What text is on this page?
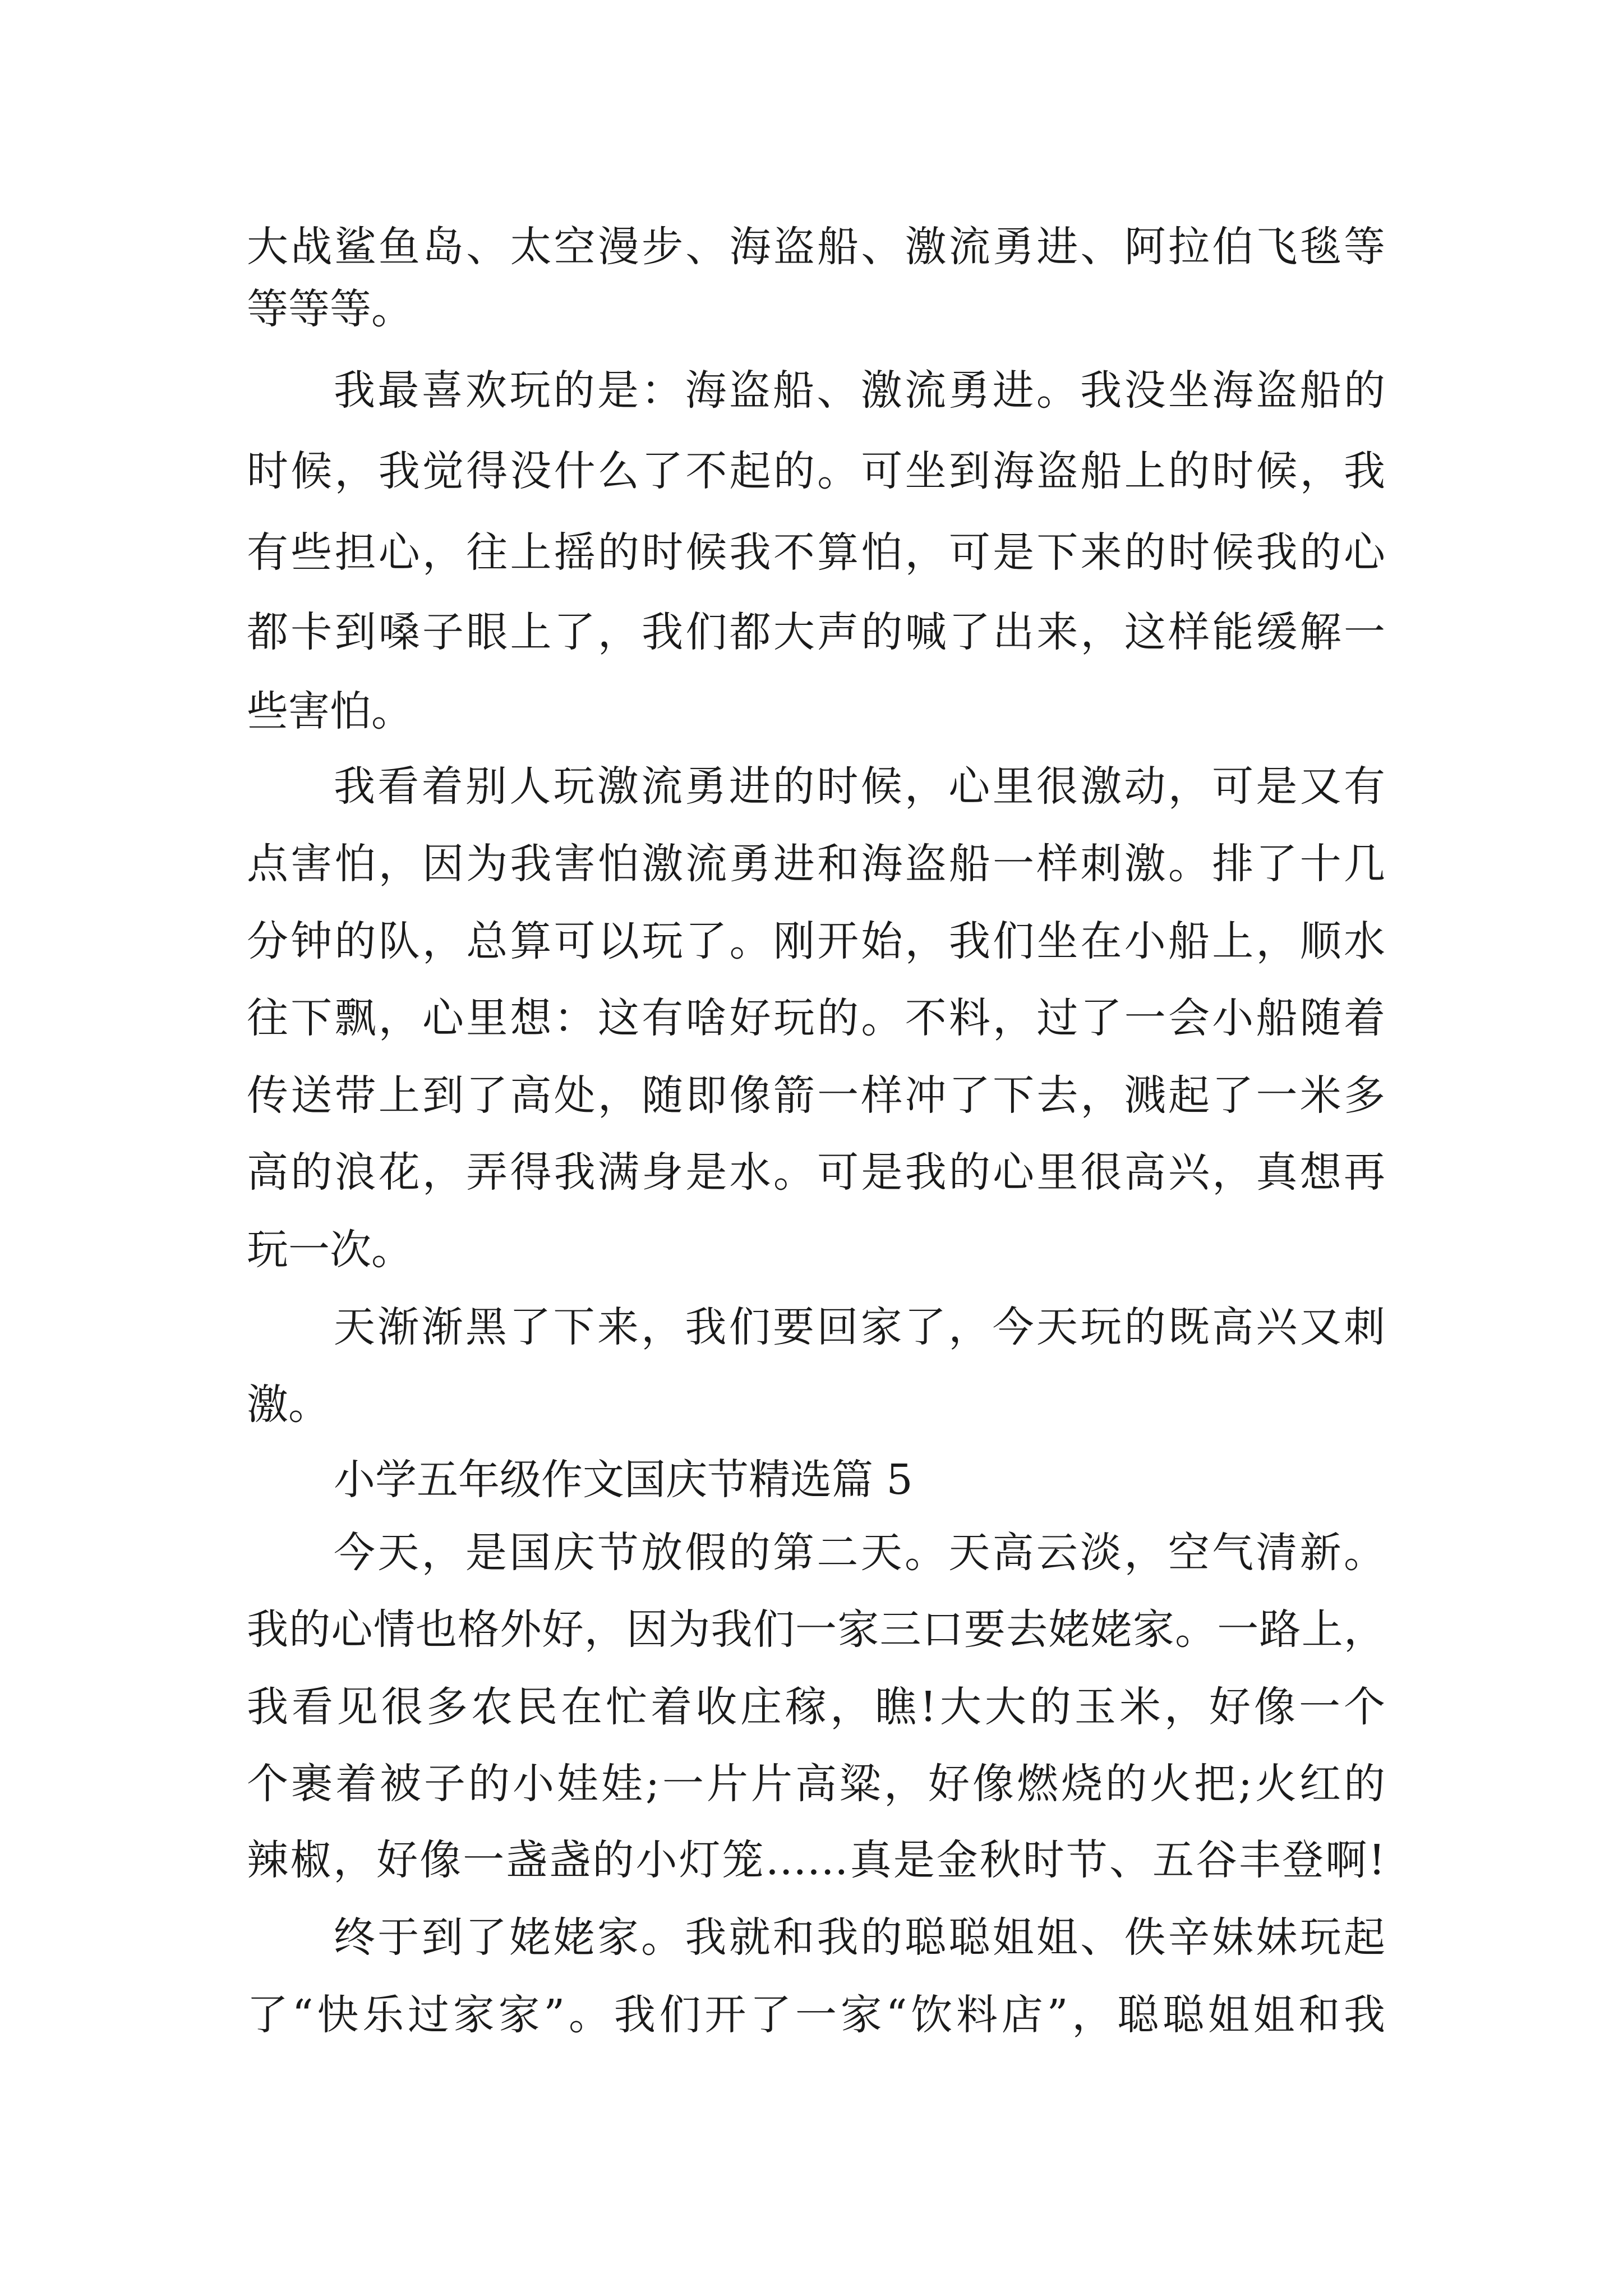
大战鲨鱼岛、太空漫步、海盗船、激流勇进、阿拉伯飞毯等
等等等。
我最喜欢玩的是：海盗船、激流勇进。我没坐海盗船的
时候，我觉得没什么了不起的。可坐到海盗船上的时候，我
有些担心，往上摇的时候我不算怕，可是下来的时候我的心
都卡到嗓子眼上了，我们都大声的喊了出来，这样能缓解一
些害怕。
我看着别人玩激流勇进的时候，心里很激动，可是又有
点害怕，因为我害怕激流勇进和海盗船一样刺激。排了十几
分钟的队，总算可以玩了。刚开始，我们坐在小船上，顺水
往下飘，心里想：这有啥好玩的。不料，过了一会小船随着
传送带上到了高处，随即像箭一样冲了下去，溅起了一米多
高的浪花，弄得我满身是水。可是我的心里很高兴，真想再
玩一次。
天渐渐黑了下来，我们要回家了，今天玩的既高兴又刺
激。
小学五年级作文国庆节精选篇 5
今天，是国庆节放假的第二天。天高云淡，空气清新。
我的心情也格外好，因为我们一家三口要去姥姥家。一路上，
我看见很多农民在忙着收庄稼，瞧!大大的玉米，好像一个
个裹着被子的小娃娃;一片片高粱，好像燃烧的火把;火红的
辣椒，好像一盏盏的小灯笼……真是金秋时节、五谷丰登啊!
终于到了姥姥家。我就和我的聪聪姐姐、佚辛妹妹玩起
了“快乐过家家”。我们开了一家“饮料店”，聪聪姐姐和我
